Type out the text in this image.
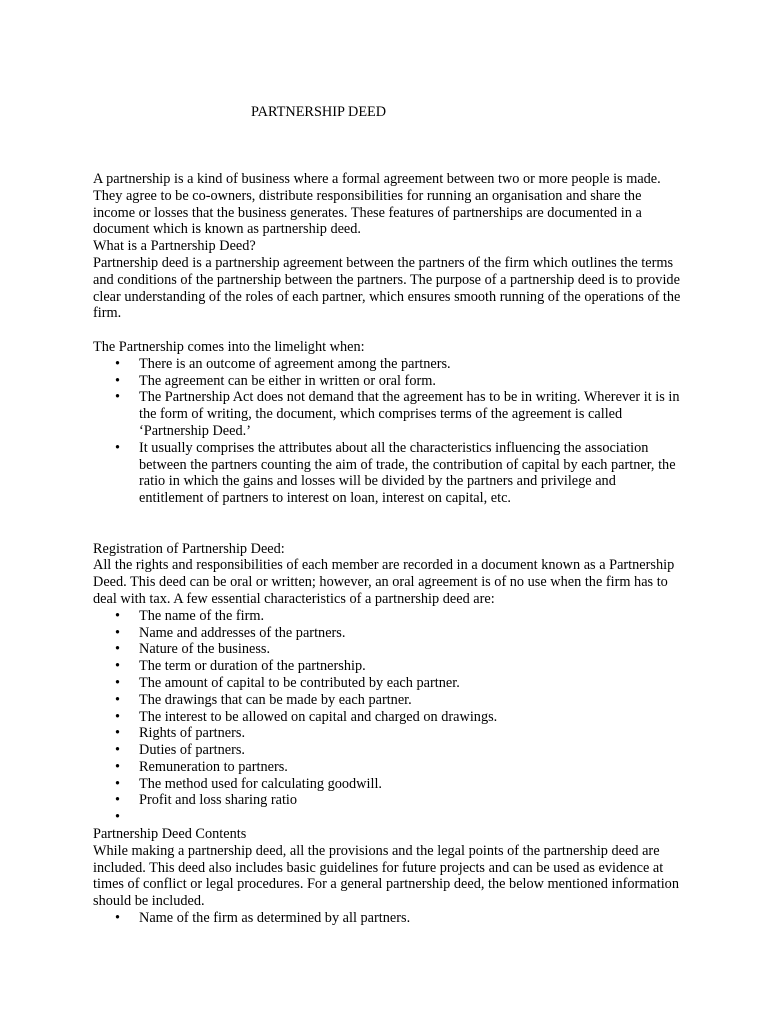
PARTNERSHIP DEED

A partnership is a kind of business where a formal agreement between two or more people is made. They agree to be co-owners, distribute responsibilities for running an organisation and share the income or losses that the business generates. These features of partnerships are documented in a document which is known as partnership deed.

What is a Partnership Deed?

Partnership deed is a partnership agreement between the partners of the firm which outlines the terms and conditions of the partnership between the partners. The purpose of a partnership deed is to provide clear understanding of the roles of each partner, which ensures smooth running of the operations of the firm.

The Partnership comes into the limelight when:

• There is an outcome of agreement among the partners.
• The agreement can be either in written or oral form.
• The Partnership Act does not demand that the agreement has to be in writing. Wherever it is in the form of writing, the document, which comprises terms of the agreement is called ‘Partnership Deed.’
• It usually comprises the attributes about all the characteristics influencing the association between the partners counting the aim of trade, the contribution of capital by each partner, the ratio in which the gains and losses will be divided by the partners and privilege and entitlement of partners to interest on loan, interest on capital, etc.

Registration of Partnership Deed:

All the rights and responsibilities of each member are recorded in a document known as a Partnership Deed. This deed can be oral or written; however, an oral agreement is of no use when the firm has to deal with tax. A few essential characteristics of a partnership deed are:

• The name of the firm.
• Name and addresses of the partners.
• Nature of the business.
• The term or duration of the partnership.
• The amount of capital to be contributed by each partner.
• The drawings that can be made by each partner.
• The interest to be allowed on capital and charged on drawings.
• Rights of partners.
• Duties of partners.
• Remuneration to partners.
• The method used for calculating goodwill.
• Profit and loss sharing ratio
•

Partnership Deed Contents

While making a partnership deed, all the provisions and the legal points of the partnership deed are included. This deed also includes basic guidelines for future projects and can be used as evidence at times of conflict or legal procedures. For a general partnership deed, the below mentioned information should be included.

• Name of the firm as determined by all partners.
